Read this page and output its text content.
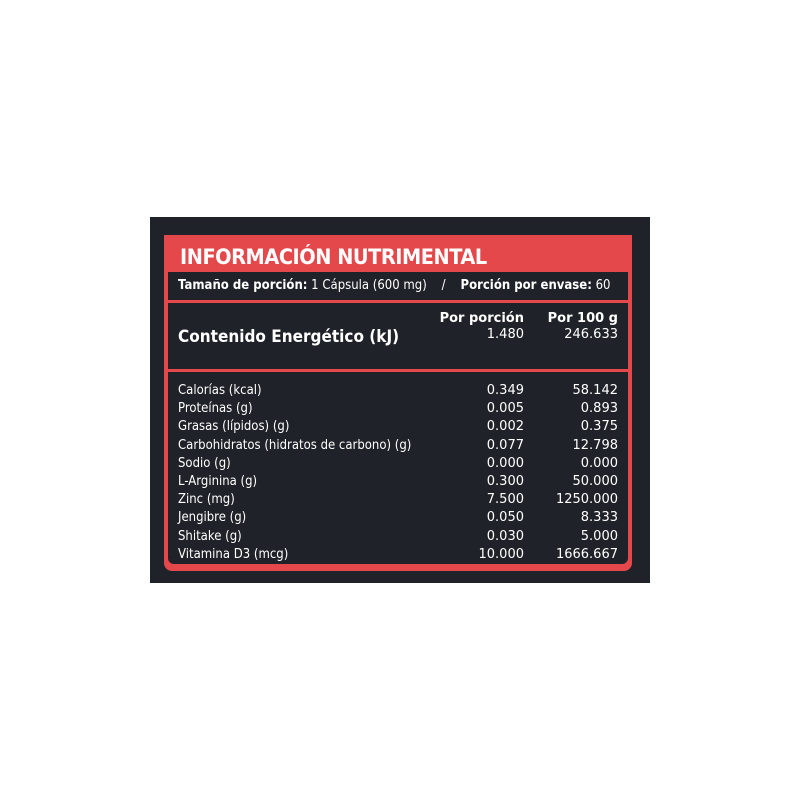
INFORMACIÓN NUTRIMENTAL
Tamaño de porción: 1 Cápsula (600 mg) / Porción por envase: 60
Contenido Energético (kJ)
Por porción Por 100 g
1.480	246.633
Calorías (kcal)	0.349	58.142
Proteínas (g)	0.005	0.893
Grasas (lípidos) (g)	0.002	0.375
Carbohidratos (hidratos de carbono) (g)	0.077	12.798
Sodio (g)	0.000	0.000
L-Arginina (g)	0.300	50.000
Zinc (mg)	7.500 1250.000
Jengibre (g)	0.050	8.333
Shitake (g)	0.030	5.000
Vitamina D3 (mcg)	10.000 1666.667
